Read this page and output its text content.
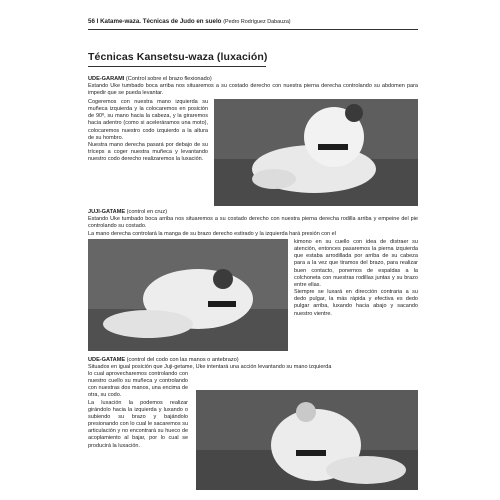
56 I Katame-waza. Técnicas de Judo en suelo (Pedro Rodríguez Dabauza)
Técnicas Kansetsu-waza (luxación)
UDE-GARAMI (Control sobre el brazo flexionado)
Estando Uke tumbado boca arriba nos situaremos a su costado derecho con nuestra pierna derecha controlando su abdomen para impedir que se pueda levantar.

Cogeremos con nuestra mano izquierda su muñeca izquierda y la colocaremos en posición de 90º, su mano hacia la cabeza, y la giraremos hacia adentro (como si aceleráramos una moto), colocaremos nuestro codo izquierdo a la altura de su hombro.

Nuestra mano derecha pasará por debajo de su tríceps a coger nuestra muñeca y levantando nuestro codo derecho realizaremos la luxación.

JUJI-GATAME (control en cruz)
Estando Uke tumbado boca arriba nos situaremos a su costado derecho con nuestra pierna derecha rodilla arriba y empeine del pie controlando su costado.
La mano derecha controlará la manga de su brazo derecho estirado y la izquierda hará presión con el

kimono en su cuello con idea de distraer su atención, entonces pasaremos la pierna izquierda que estaba arrodillada por arriba de su cabeza para a la vez que tiramos del brazo, para realizar buen contacto, ponernos de espaldas a la colchoneta con nuestras rodillas juntas y su brazo entre ellas.

Siempre se luxará en dirección contraria a su dedo pulgar, la más rápida y efectiva es dedo pulgar arriba, luxando hacia abajo y sacando nuestro vientre.

UDE-GATAME (control del codo con las manos o antebrazo)
Situados en igual posición que Juji-getame, Uke intentará una acción levantando su mano izquierda

lo cual aprovecharemos controlando con nuestro cuello su muñeca y controlando con nuestras dos manos, una encima de otra, su codo.

La luxación la podemos realizar girándolo hacia la izquierda y luxando o subiendo su brazo y bajándolo presionando con lo cual le sacaremos su articulación y no encontrará su hueco de acoplamiento al bajar, por lo cual se producirá la luxación.
